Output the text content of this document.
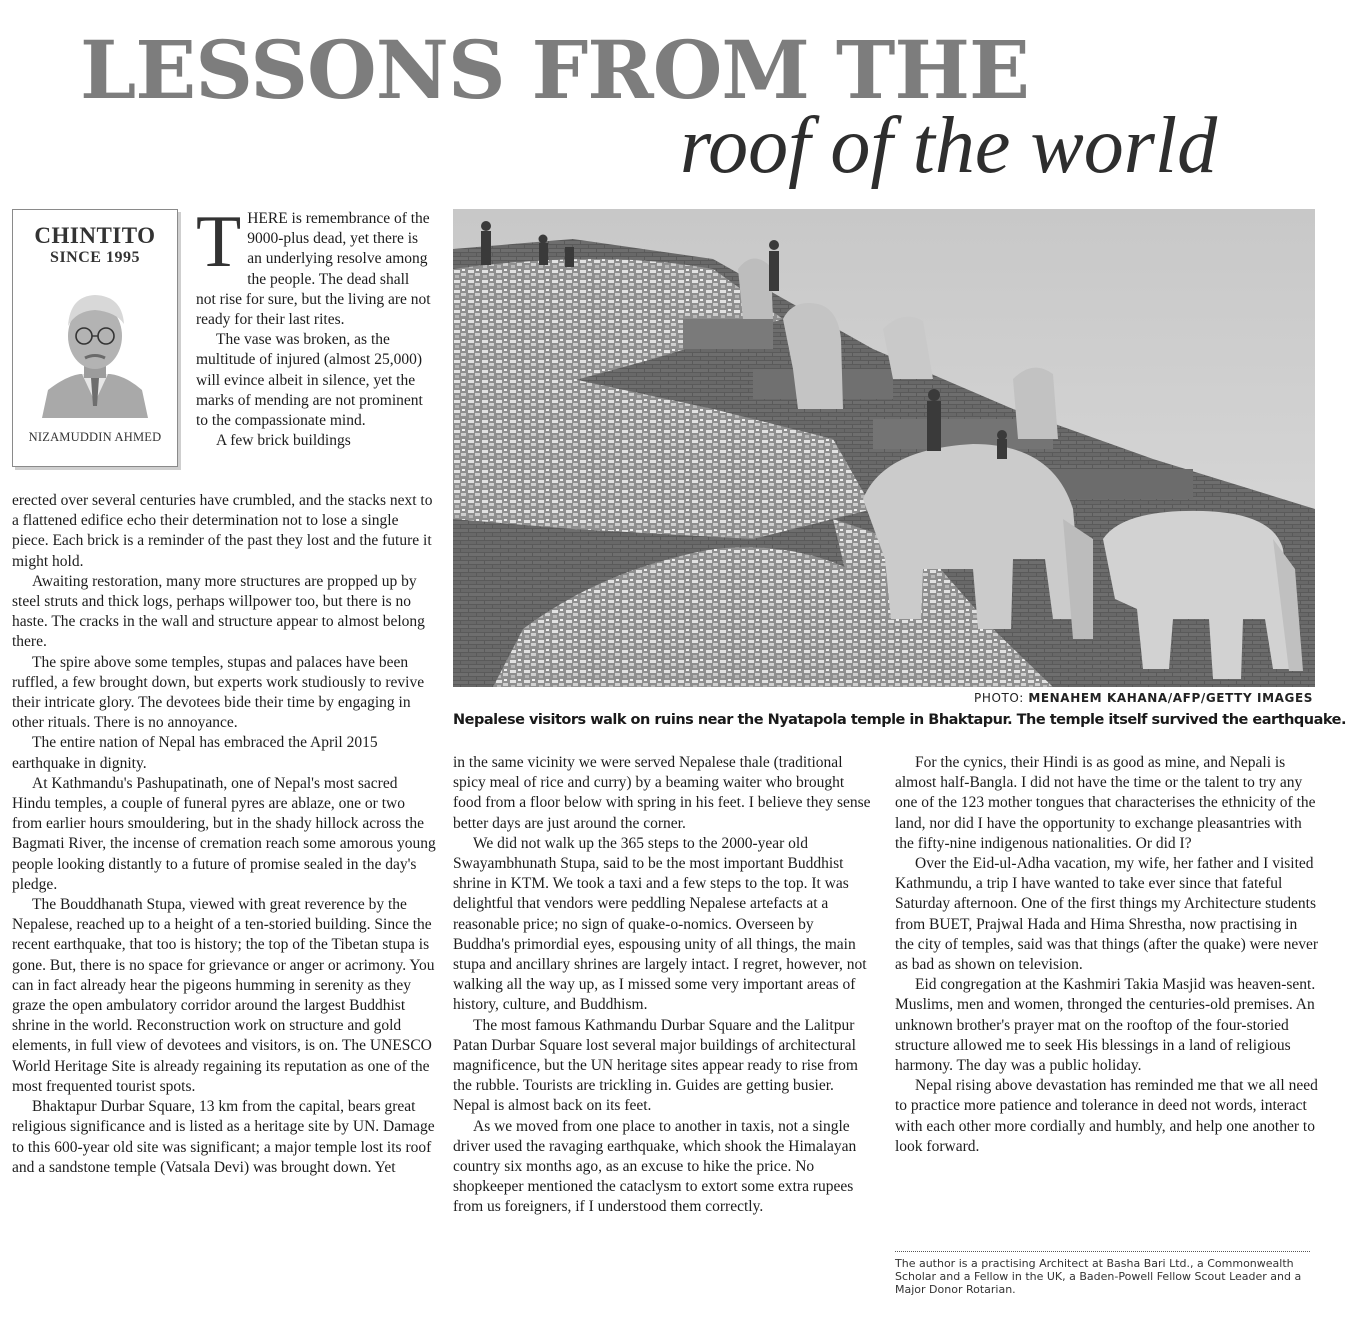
LESSONS FROM THE
roof of the world
CHINTITO
SINCE 1995
NIZAMUDDIN AHMED

THERE is remembrance of the 9000-plus dead, yet there is an underlying resolve among the people. The dead shall not rise for sure, but the living are not ready for their last rites.

The vase was broken, as the multitude of injured (almost 25,000) will evince albeit in silence, yet the marks of mending are not prominent to the compassionate mind.

A few brick buildings

erected over several centuries have crumbled, and the stacks next to a flattened edifice echo their determination not to lose a single piece. Each brick is a reminder of the past they lost and the future it might hold.

Awaiting restoration, many more structures are propped up by steel struts and thick logs, perhaps willpower too, but there is no haste. The cracks in the wall and structure appear to almost belong there.

The spire above some temples, stupas and palaces have been ruffled, a few brought down, but experts work studiously to revive their intricate glory. The devotees bide their time by engaging in other rituals. There is no annoyance.

The entire nation of Nepal has embraced the April 2015 earthquake in dignity.

At Kathmandu's Pashupatinath, one of Nepal's most sacred Hindu temples, a couple of funeral pyres are ablaze, one or two from earlier hours smouldering, but in the shady hillock across the Bagmati River, the incense of cremation reach some amorous young people looking distantly to a future of promise sealed in the day's pledge.

The Bouddhanath Stupa, viewed with great reverence by the Nepalese, reached up to a height of a ten-storied building. Since the recent earthquake, that too is history; the top of the Tibetan stupa is gone. But, there is no space for grievance or anger or acrimony. You can in fact already hear the pigeons humming in serenity as they graze the open ambulatory corridor around the largest Buddhist shrine in the world. Reconstruction work on structure and gold elements, in full view of devotees and visitors, is on. The UNESCO World Heritage Site is already regaining its reputation as one of the most frequented tourist spots.

Bhaktapur Durbar Square, 13 km from the capital, bears great religious significance and is listed as a heritage site by UN. Damage to this 600-year old site was significant; a major temple lost its roof and a sandstone temple (Vatsala Devi) was brought down. Yet

PHOTO: MENAHEM KAHANA/AFP/GETTY IMAGES

Nepalese visitors walk on ruins near the Nyatapola temple in Bhaktapur. The temple itself survived the earthquake.

in the same vicinity we were served Nepalese thale (traditional spicy meal of rice and curry) by a beaming waiter who brought food from a floor below with spring in his feet. I believe they sense better days are just around the corner.

We did not walk up the 365 steps to the 2000-year old Swayambhunath Stupa, said to be the most important Buddhist shrine in KTM. We took a taxi and a few steps to the top. It was delightful that vendors were peddling Nepalese artefacts at a reasonable price; no sign of quake-o-nomics. Overseen by Buddha's primordial eyes, espousing unity of all things, the main stupa and ancillary shrines are largely intact. I regret, however, not walking all the way up, as I missed some very important areas of history, culture, and Buddhism.

The most famous Kathmandu Durbar Square and the Lalitpur Patan Durbar Square lost several major buildings of architectural magnificence, but the UN heritage sites appear ready to rise from the rubble. Tourists are trickling in. Guides are getting busier. Nepal is almost back on its feet.

As we moved from one place to another in taxis, not a single driver used the ravaging earthquake, which shook the Himalayan country six months ago, as an excuse to hike the price. No shopkeeper mentioned the cataclysm to extort some extra rupees from us foreigners, if I understood them correctly.

For the cynics, their Hindi is as good as mine, and Nepali is almost half-Bangla. I did not have the time or the talent to try any one of the 123 mother tongues that characterises the ethnicity of the land, nor did I have the opportunity to exchange pleasantries with the fifty-nine indigenous nationalities. Or did I?

Over the Eid-ul-Adha vacation, my wife, her father and I visited Kathmundu, a trip I have wanted to take ever since that fateful Saturday afternoon. One of the first things my Architecture students from BUET, Prajwal Hada and Hima Shrestha, now practising in the city of temples, said was that things (after the quake) were never as bad as shown on television.

Eid congregation at the Kashmiri Takia Masjid was heaven-sent. Muslims, men and women, thronged the centuries-old premises. An unknown brother's prayer mat on the rooftop of the four-storied structure allowed me to seek His blessings in a land of religious harmony. The day was a public holiday.

Nepal rising above devastation has reminded me that we all need to practice more patience and tolerance in deed not words, interact with each other more cordially and humbly, and help one another to look forward.

The author is a practising Architect at Basha Bari Ltd., a Commonwealth Scholar and a Fellow in the UK, a Baden-Powell Fellow Scout Leader and a Major Donor Rotarian.
